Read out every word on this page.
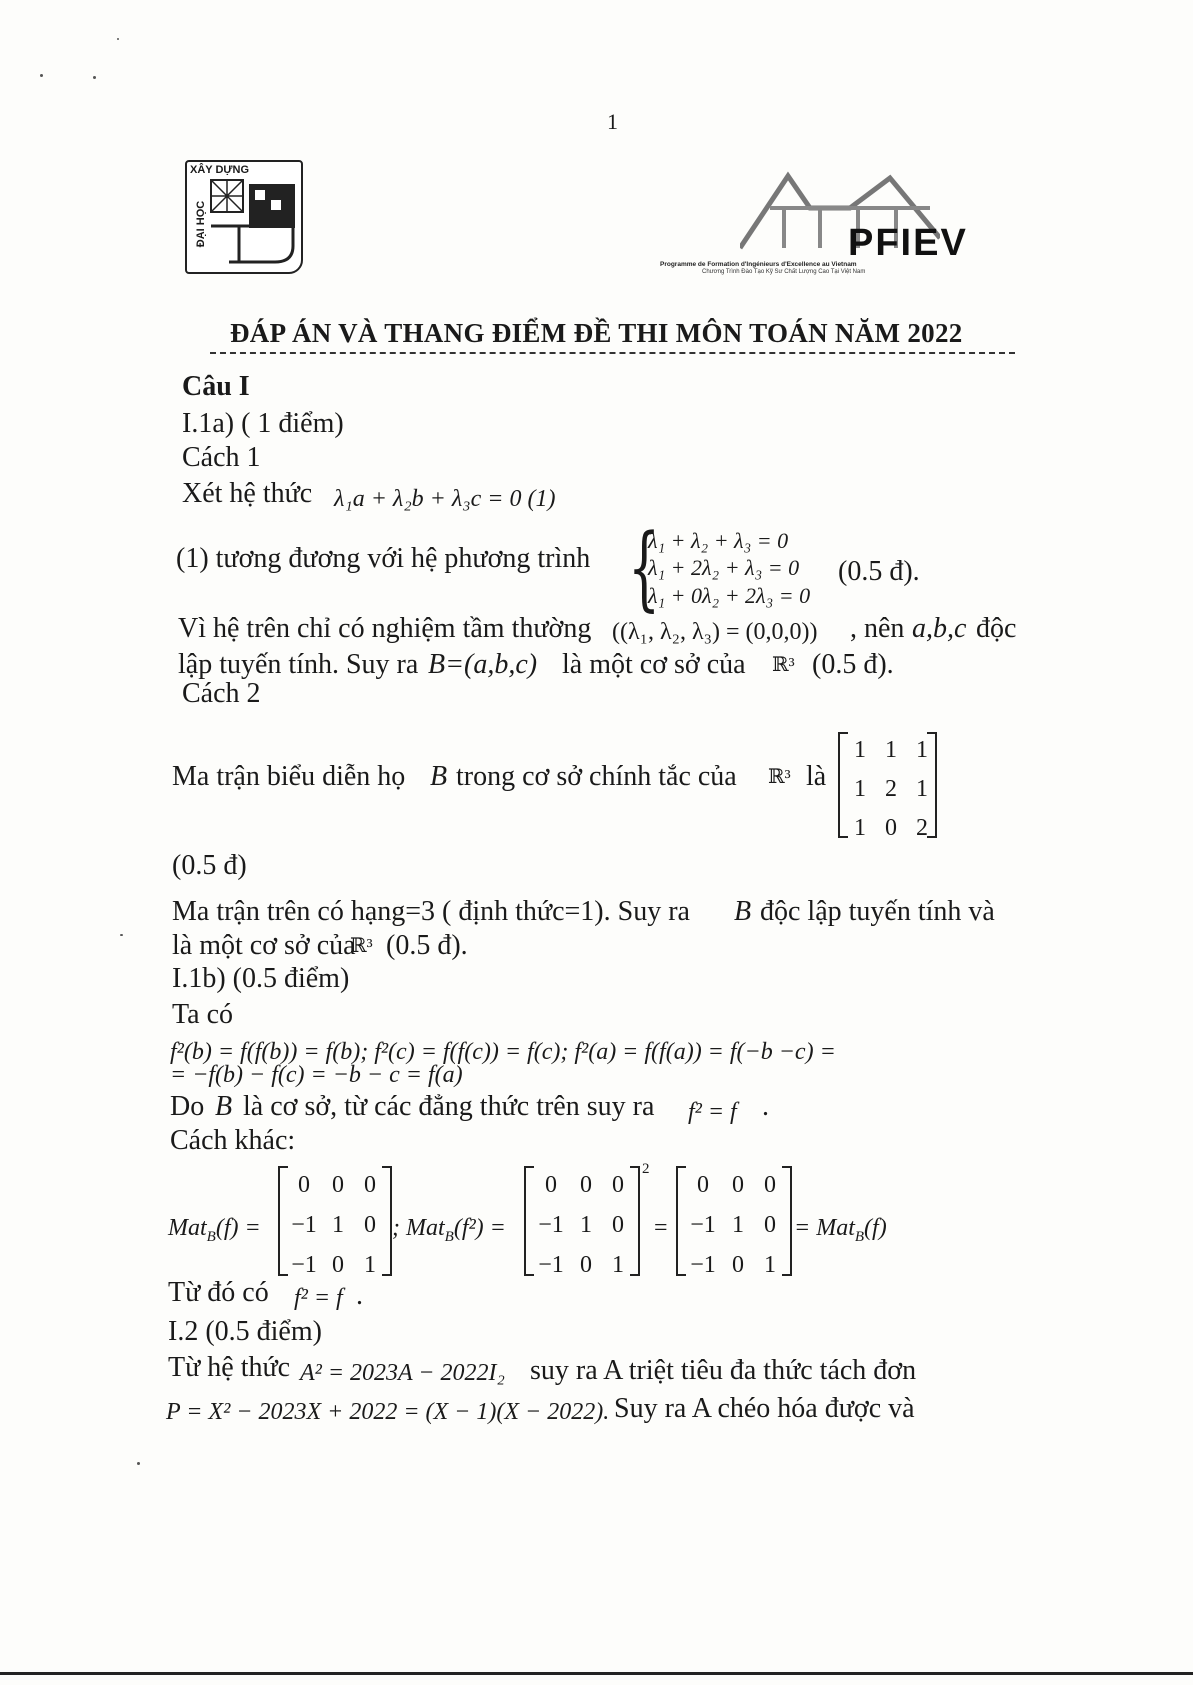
1
XÂY DỰNG
ĐẠI HỌC	PFIEV
Programme de Formation d'Ingénieurs d'Excellence au Vietnam
Chương Trình Đào Tạo Kỹ Sư Chất Lượng Cao Tại Việt Nam
ĐÁP ÁN VÀ THANG ĐIỂM ĐỀ THI MÔN TOÁN NĂM 2022
Câu I
I.1a) ( 1 điểm)
Cách 1
Xét hệ thức λ₁a + λ₂b + λ₃c = 0 (1)
(1) tương đương với hệ phương trình {
λ₁ + λ₂ + λ₃ = 0
λ₁ + 2λ₂ + λ₃ = 0
λ₁ + 0λ₂ + 2λ₃ = 0
(0.5 đ).
Vì hệ trên chỉ có nghiệm tầm thường ((λ₁, λ₂, λ₃) = (0,0,0)) , nên a,b,c độc
lập tuyến tính. Suy ra B=(a,b,c) là một cơ sở của ℝ³ (0.5 đ).
Cách 2
Ma trận biểu diễn họ B trong cơ sở chính tắc của ℝ³ là
1 1 1
1 2 1
1 0 2
(0.5 đ)
Ma trận trên có hạng=3 ( định thức=1). Suy ra B độc lập tuyến tính và
là một cơ sở của
ℝ³ (0.5 đ).
I.1b) (0.5 điểm)
Ta có
f²(b) = f(f(b)) = f(b); f²(c) = f(f(c)) = f(c); f²(a) = f(f(a)) = f(−b −c) =
= −f(b) − f(c) = −b − c = f(a)
Do B là cơ sở, từ các đẳng thức trên suy ra f² = f .
Cách khác:
Mat$_B$(f) =
0 0 0
−1 1 0
−1 0 1
; Mat$_B$(f²) =
0 0 0
−1 1 0
−1 0 1
2
=
0 0 0
−1 1 0
−1 0 1
= Mat$_B$(f)
Từ đó có f² = f .
I.2 (0.5 điểm)
Từ hệ thức A² = 2023A − 2022I₂ suy ra A triệt tiêu đa thức tách đơn
P = X² − 2023X + 2022 = (X − 1)(X − 2022). Suy ra A chéo hóa được và
